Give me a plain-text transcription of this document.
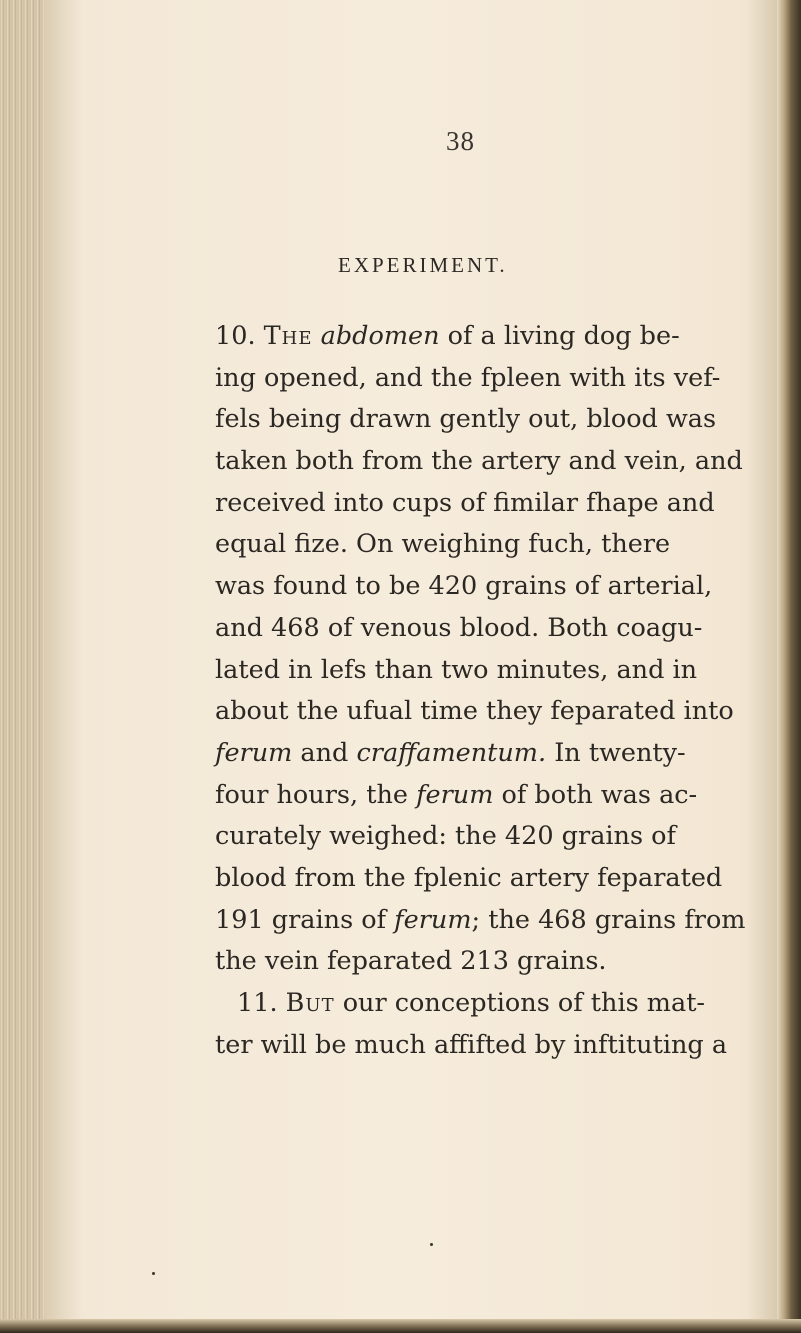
38
EXPERIMENT.
10. The abdomen of a living dog be-
ing opened, and the fpleen with its vef-
fels being drawn gently out, blood was
taken both from the artery and vein, and
received into cups of fimilar fhape and
equal fize. On weighing fuch, there
was found to be 420 grains of arterial,
and 468 of venous blood. Both coagu-
lated in lefs than two minutes, and in
about the ufual time they feparated into
ferum and craffamentum. In twenty-
four hours, the ferum of both was ac-
curately weighed: the 420 grains of
blood from the fplenic artery feparated
191 grains of ferum; the 468 grains from
the vein feparated 213 grains.
11. But our conceptions of this mat-
ter will be much affifted by inftituting a
